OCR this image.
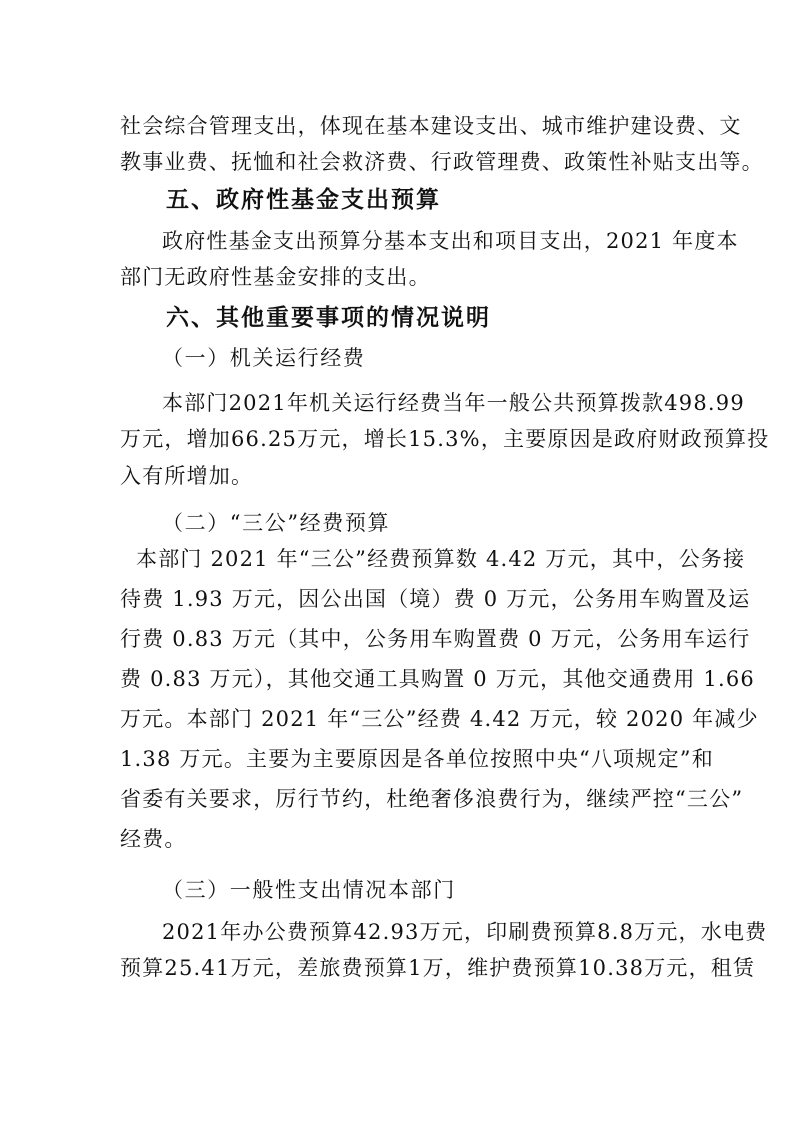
社会综合管理支出，体现在基本建设支出、城市维护建设费、文

教事业费、抚恤和社会救济费、行政管理费、政策性补贴支出等。

五、政府性基金支出预算

政府性基金支出预算分基本支出和项目支出，2021 年度本

部门无政府性基金安排的支出。

六、其他重要事项的情况说明

（一）机关运行经费

本部门2021年机关运行经费当年一般公共预算拨款498.99

万元，增加66.25万元，增长15.3%，主要原因是政府财政预算投

入有所增加。

（二）“三公”经费预算

本部门 2021 年“三公”经费预算数 4.42 万元，其中，公务接

待费 1.93 万元，因公出国（境）费 0 万元，公务用车购置及运

行费 0.83 万元（其中，公务用车购置费 0 万元，公务用车运行

费 0.83 万元），其他交通工具购置 0 万元，其他交通费用 1.66

万元。本部门 2021 年“三公”经费 4.42 万元，较 2020 年减少

1.38 万元。主要为主要原因是各单位按照中央“八项规定”和

省委有关要求，厉行节约，杜绝奢侈浪费行为，继续严控“三公”

经费。

（三）一般性支出情况本部门

2021年办公费预算42.93万元，印刷费预算8.8万元，水电费

预算25.41万元，差旅费预算1万，维护费预算10.38万元，租赁
